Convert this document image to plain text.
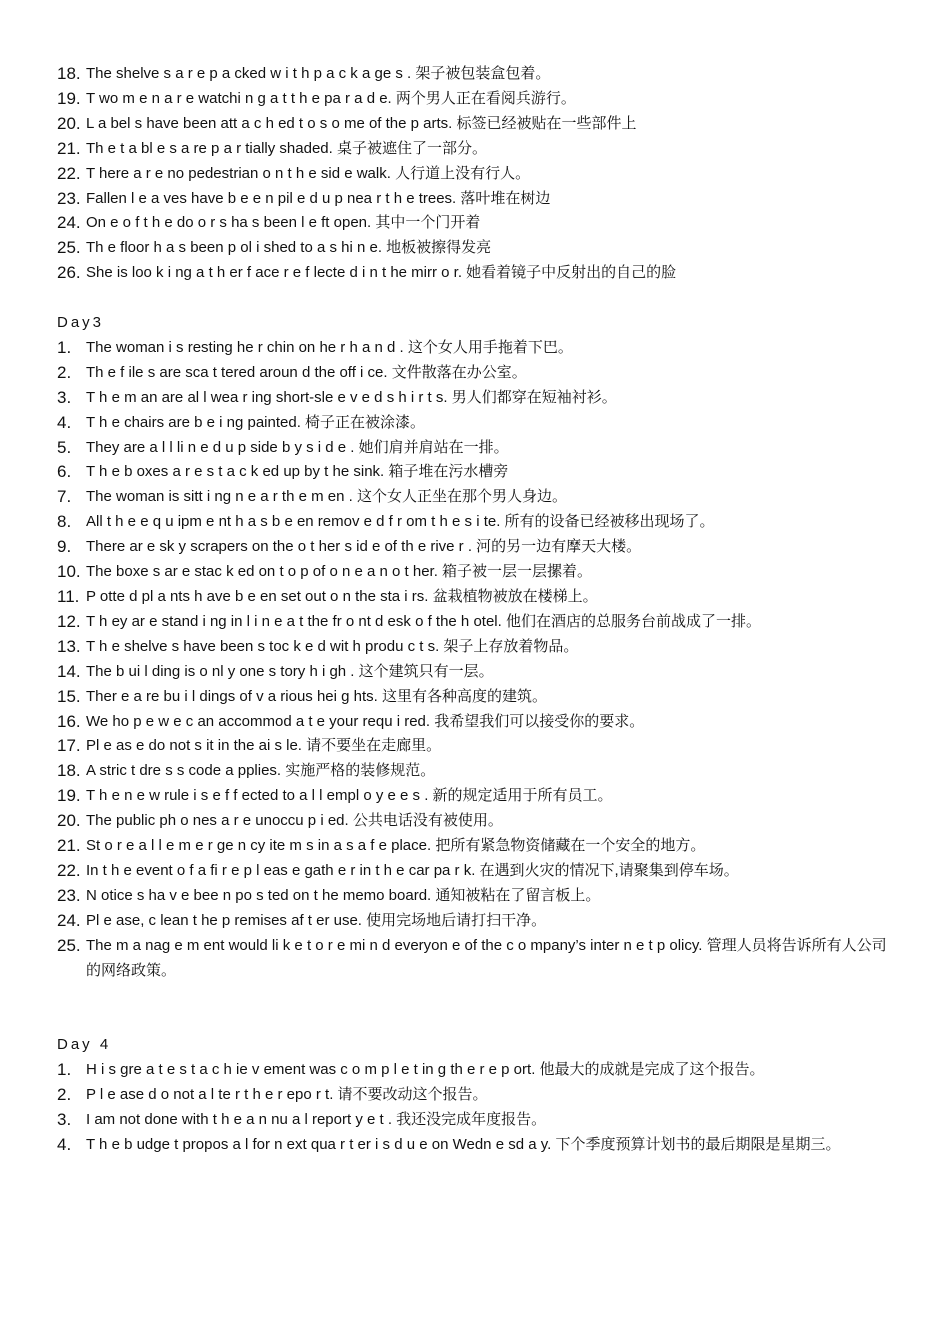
18. The shelve s a r e p a cked w i t h p a c k a ge s . 架子被包装盒包着。
19. T wo m e n a r e watchi n g a t t h e pa r a d e. 两个男人正在看阅兵游行。
20. L a bel s have been att a c h ed t o s o me of the p arts. 标签已经被贴在一些部件上
21. Th e t a bl e s a re p a r tially shaded. 桌子被遮住了一部分。
22. T here a r e no pedestrian o n t h e sid e walk. 人行道上没有行人。
23. Fallen l e a ves have b e e n pil e d u p nea r t h e trees. 落叶堆在树边
24. On e o f t h e do o r s ha s been l e ft open. 其中一个门开着
25. Th e floor h a s been p ol i shed to a s hi n e. 地板被擦得发亮
26. She is loo k i ng a t h er f ace r e f lecte d i n t he mirr o r. 她看着镜子中反射出的自己的脸
Day3
1. The woman i s resting he r chin on he r h a n d . 这个女人用手拖着下巴。
2. Th e f ile s are sca t tered aroun d the off i ce. 文件散落在办公室。
3. T h e m an are al l wea r ing short-sle e v e d s h i r t s. 男人们都穿在短袖衬衫。
4. T h e chairs are b e i ng painted. 椅子正在被涂漆。
5. They are a l l li n e d u p side b y s i d e . 她们肩并肩站在一排。
6. T h e b oxes a r e s t a c k ed up by t he sink. 箱子堆在污水槽旁
7. The woman is sitt i ng n e a r th e m en . 这个女人正坐在那个男人身边。
8. All t h e e q u ipm e nt h a s b e en remov e d f r om t h e s i te. 所有的设备已经被移出现场了。
9. There ar e sk y scrapers on the o t her s id e of th e rive r . 河的另一边有摩天大楼。
10. The boxe s ar e stac k ed on t o p of o n e a n o t her. 箱子被一层一层摞着。
11. P otte d pl a nts h ave b e en set out o n the sta i rs. 盆栽植物被放在楼梯上。
12. T h ey ar e stand i ng in l i n e a t the fr o nt d esk o f the h otel. 他们在酒店的总服务台前战成了一排。
13. T h e shelve s have been s toc k e d wit h produ c t s. 架子上存放着物品。
14. The b ui l ding is o nl y one s tory h i gh . 这个建筑只有一层。
15. Ther e a re bu i l dings of v a rious hei g hts. 这里有各种高度的建筑。
16. We ho p e w e c an accommod a t e your requ i red. 我希望我们可以接受你的要求。
17. Pl e as e do not s it in the ai s le. 请不要坐在走廊里。
18. A stric t dre s s code a pplies. 实施严格的装修规范。
19. T h e n e w rule i s e f f ected to a l l empl o y e e s . 新的规定适用于所有员工。
20. The public ph o nes a r e unoccu p i ed. 公共电话没有被使用。
21. St o r e a l l e m e r ge n cy ite m s in a s a f e place. 把所有紧急物资储藏在一个安全的地方。
22. In t h e event o f a fi r e p l eas e gath e r in t h e car pa r k. 在遇到火灾的情况下,请聚集到停车场。
23. N otice s ha v e bee n po s ted on t he memo board. 通知被粘在了留言板上。
24. Pl e ase, c lean t he p remises af t er use. 使用完场地后请打扫干净。
25. The m a nag e m ent would li k e t o r e mi n d everyon e of the c o mpany’s inter n e t p olicy. 管理人员将告诉所有人公司的网络政策。
Day 4
1. H i s gre a t e s t a c h ie v ement was c o m p l e t in g th e r e p ort. 他最大的成就是完成了这个报告。
2. P l e ase d o not a l te r t h e r epo r t. 请不要改动这个报告。
3. I am not done with t h e a n nu a l report y e t . 我还没完成年度报告。
4. T h e b udge t propos a l for n ext qua r t er i s d u e on Wedn e sd a y. 下个季度预算计划书的最后期限是星期三。
